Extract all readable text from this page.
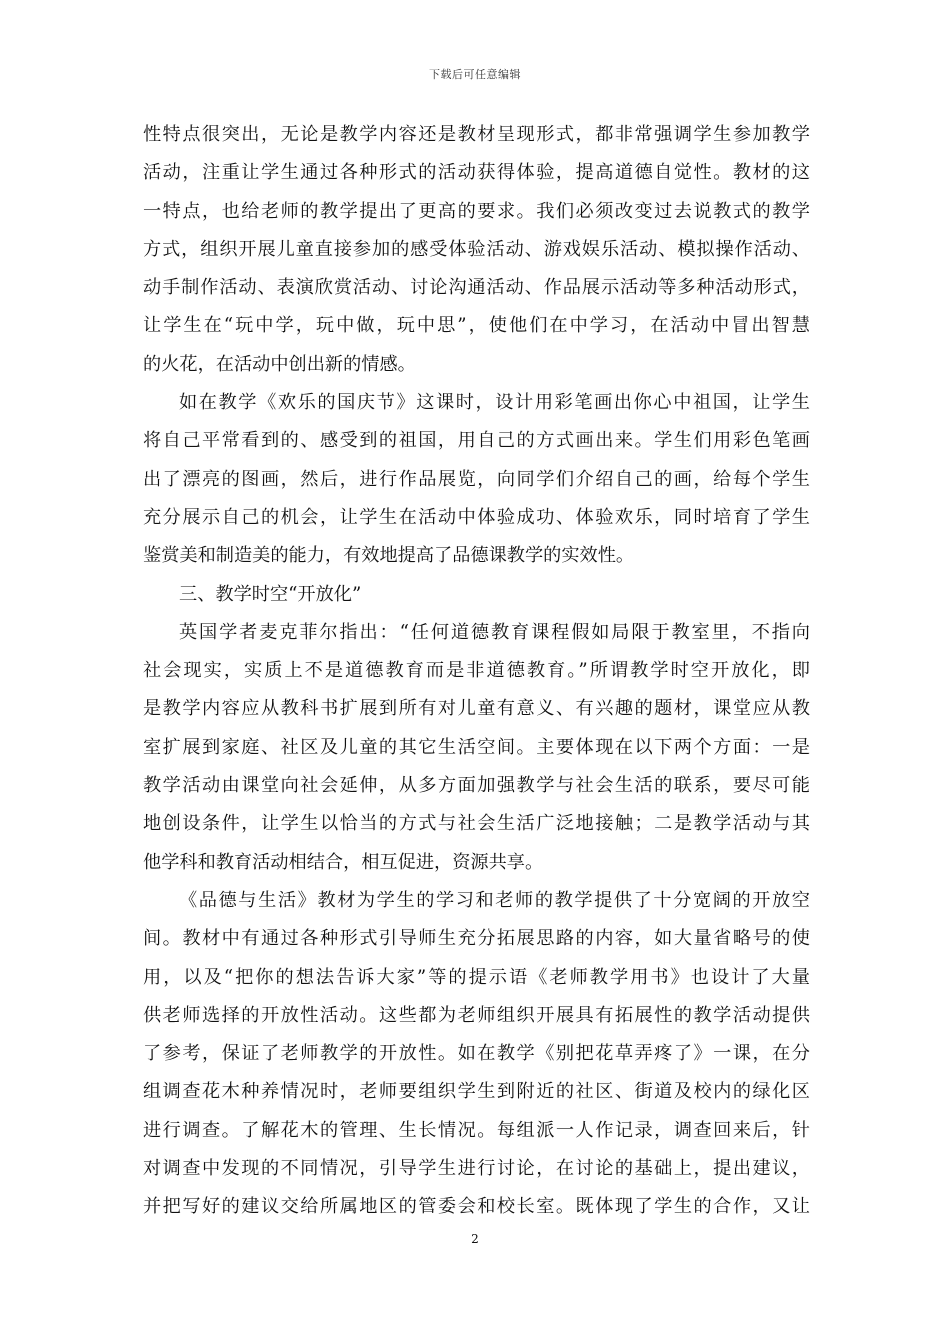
下载后可任意编辑
性特点很突出，无论是教学内容还是教材呈现形式，都非常强调学生参加教学
活动，注重让学生通过各种形式的活动获得体验，提高道德自觉性。教材的这
一特点，也给老师的教学提出了更高的要求。我们必须改变过去说教式的教学
方式，组织开展儿童直接参加的感受体验活动、游戏娱乐活动、模拟操作活动、
动手制作活动、表演欣赏活动、讨论沟通活动、作品展示活动等多种活动形式，
让学生在“玩中学，玩中做，玩中思”，使他们在中学习，在活动中冒出智慧
的火花，在活动中创出新的情感。
如在教学《欢乐的国庆节》这课时，设计用彩笔画出你心中祖国，让学生
将自己平常看到的、感受到的祖国，用自己的方式画出来。学生们用彩色笔画
出了漂亮的图画，然后，进行作品展览，向同学们介绍自己的画，给每个学生
充分展示自己的机会，让学生在活动中体验成功、体验欢乐，同时培育了学生
鉴赏美和制造美的能力，有效地提高了品德课教学的实效性。
三、教学时空“开放化”
英国学者麦克菲尔指出：“任何道德教育课程假如局限于教室里，不指向
社会现实，实质上不是道德教育而是非道德教育。”所谓教学时空开放化，即
是教学内容应从教科书扩展到所有对儿童有意义、有兴趣的题材，课堂应从教
室扩展到家庭、社区及儿童的其它生活空间。主要体现在以下两个方面：一是
教学活动由课堂向社会延伸，从多方面加强教学与社会生活的联系，要尽可能
地创设条件，让学生以恰当的方式与社会生活广泛地接触；二是教学活动与其
他学科和教育活动相结合，相互促进，资源共享。
《品德与生活》教材为学生的学习和老师的教学提供了十分宽阔的开放空
间。教材中有通过各种形式引导师生充分拓展思路的内容，如大量省略号的使
用，以及“把你的想法告诉大家”等的提示语《老师教学用书》也设计了大量
供老师选择的开放性活动。这些都为老师组织开展具有拓展性的教学活动提供
了参考，保证了老师教学的开放性。如在教学《别把花草弄疼了》一课，在分
组调查花木种养情况时，老师要组织学生到附近的社区、街道及校内的绿化区
进行调查。了解花木的管理、生长情况。每组派一人作记录，调查回来后，针
对调查中发现的不同情况，引导学生进行讨论，在讨论的基础上，提出建议，
并把写好的建议交给所属地区的管委会和校长室。既体现了学生的合作，又让
2
